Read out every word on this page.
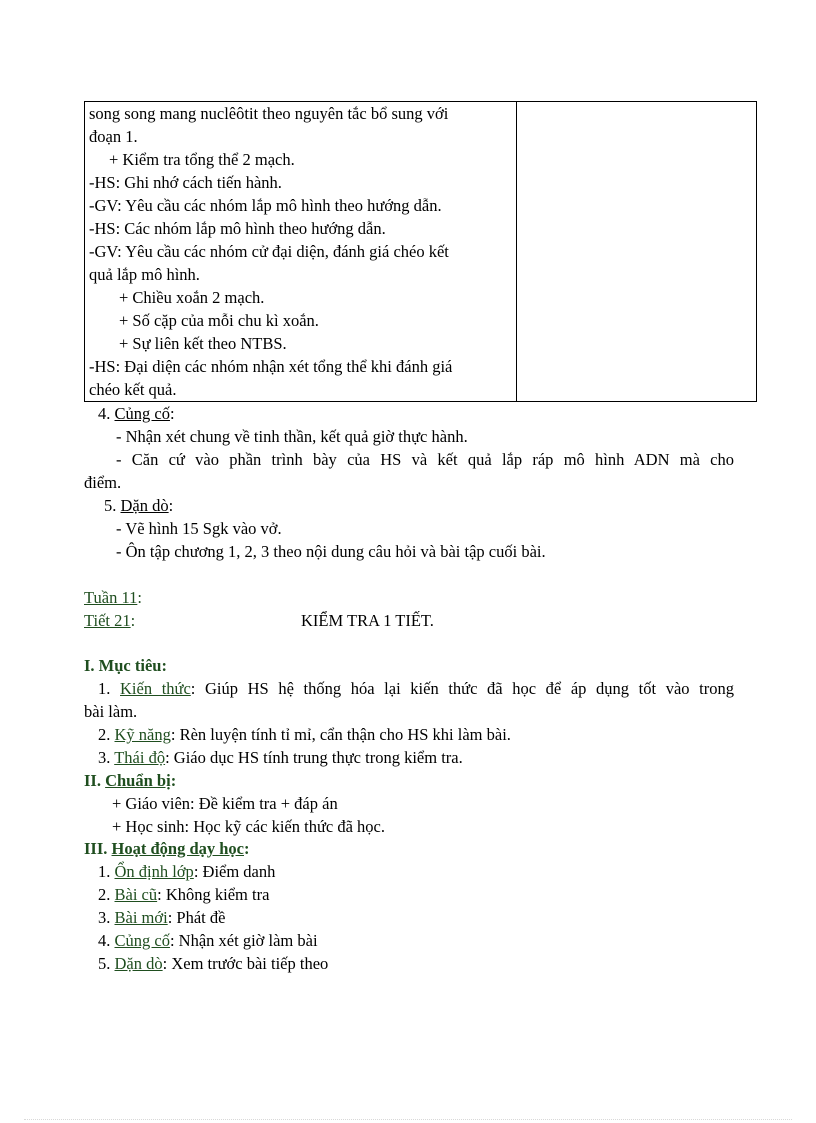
song song mang nuclêôtit theo nguyên tắc bổ sung với
đoạn 1.
+ Kiểm tra tổng thể 2 mạch.
-HS: Ghi nhớ cách tiến hành.
-GV: Yêu cầu các nhóm lắp mô hình theo hướng dẫn.
-HS: Các nhóm lắp mô hình theo hướng dẫn.
-GV: Yêu cầu các nhóm cử đại diện, đánh giá chéo kết
quả lắp mô hình.
+ Chiều xoắn 2 mạch.
+ Số cặp của mỗi chu kì xoắn.
+ Sự liên kết theo NTBS.
-HS: Đại diện các nhóm nhận xét tổng thể khi đánh giá
chéo kết quả.

4. Củng cố:
- Nhận xét chung về tinh thần, kết quả giờ thực hành.
- Căn cứ vào phần trình bày của HS và kết quả lắp ráp mô hình ADN mà cho
điểm.
5. Dặn dò:
- Vẽ hình 15 Sgk vào vở.
- Ôn tập chương 1, 2, 3 theo nội dung câu hỏi và bài tập cuối bài.
Tuần 11:
Tiết 21:	KIỂM TRA 1 TIẾT.
I. Mục tiêu:
1. Kiến thức: Giúp HS hệ thống hóa lại kiến thức đã học để áp dụng tốt vào trong
bài làm.
2. Kỹ năng: Rèn luyện tính tỉ mỉ, cẩn thận cho HS khi làm bài.
3. Thái độ: Giáo dục HS tính trung thực trong kiểm tra.
II. Chuẩn bị:
+ Giáo viên: Đề kiểm tra + đáp án
+ Học sinh: Học kỹ các kiến thức đã học.
III. Hoạt động dạy học:
1. Ổn định lớp: Điểm danh
2. Bài cũ: Không kiểm tra
3. Bài mới: Phát đề
4. Củng cố: Nhận xét giờ làm bài
5. Dặn dò: Xem trước bài tiếp theo
